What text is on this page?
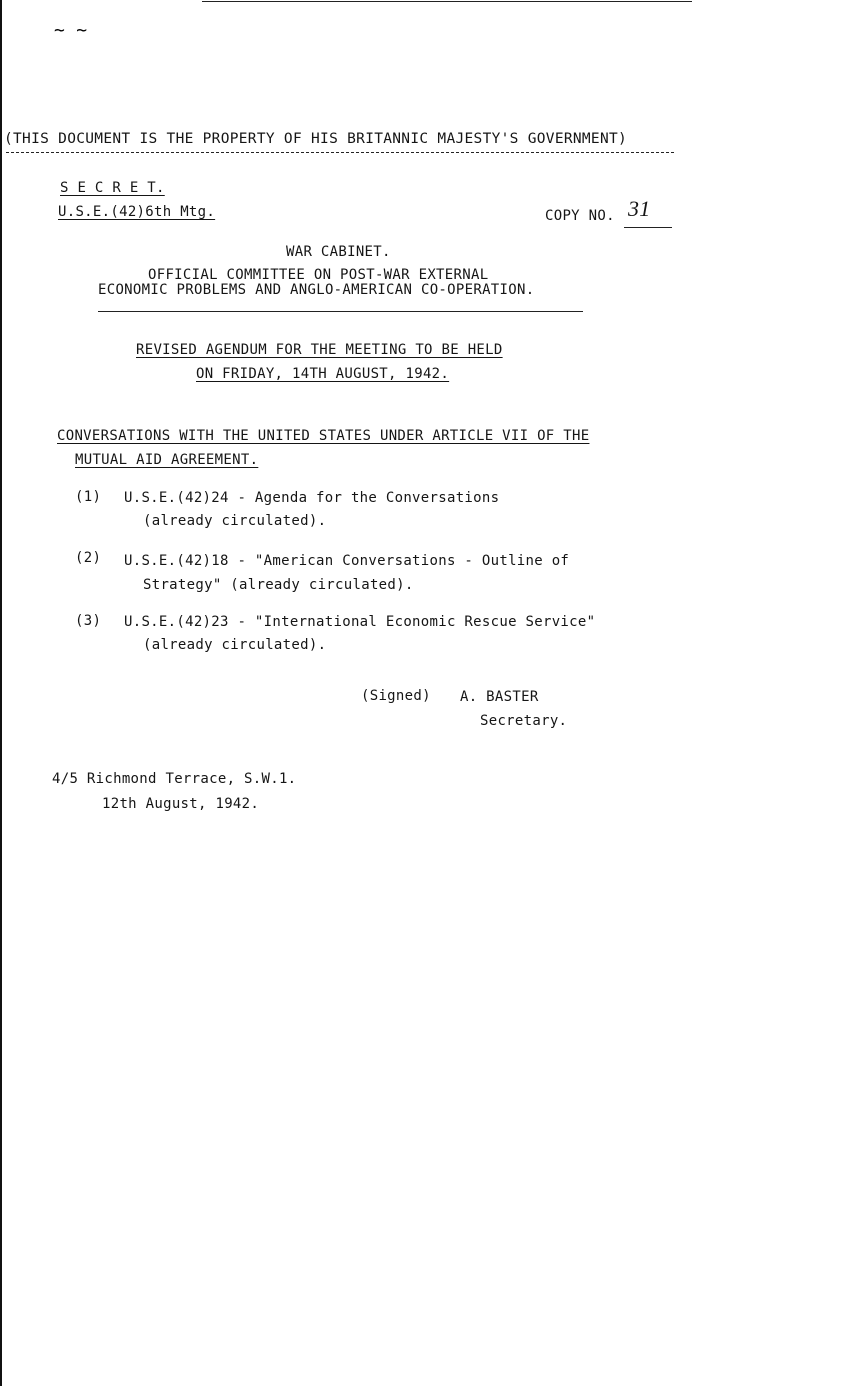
~ ~
(THIS DOCUMENT IS THE PROPERTY OF HIS BRITANNIC MAJESTY'S GOVERNMENT)
S E C R E T.
U.S.E.(42)6th Mtg.	COPY NO. 31
WAR CABINET.
OFFICIAL COMMITTEE ON POST-WAR EXTERNAL
ECONOMIC PROBLEMS AND ANGLO-AMERICAN CO-OPERATION.
REVISED AGENDUM FOR THE MEETING TO BE HELD
ON FRIDAY, 14TH AUGUST, 1942.
CONVERSATIONS WITH THE UNITED STATES UNDER ARTICLE VII OF THE
MUTUAL AID AGREEMENT.
(1) U.S.E.(42)24 - Agenda for the Conversations
(already circulated).
(2) U.S.E.(42)18 - "American Conversations - Outline of
Strategy" (already circulated).
(3) U.S.E.(42)23 - "International Economic Rescue Service"
(already circulated).
(Signed) A. BASTER
Secretary.
4/5 Richmond Terrace, S.W.1.
12th August, 1942.
